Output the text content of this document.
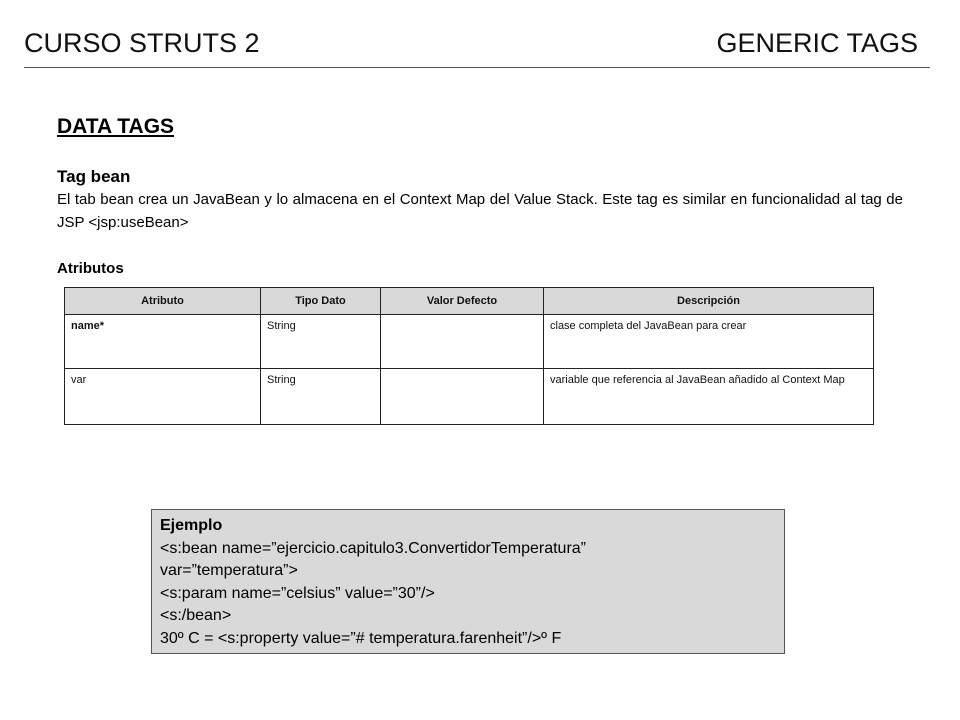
CURSO STRUTS 2	GENERIC TAGS
DATA TAGS
Tag bean
El tab bean crea un JavaBean y lo almacena en el Context Map del Value Stack. Este tag es similar en funcionalidad al tag de JSP <jsp:useBean>
Atributos
Atributo	Tipo Dato	Valor Defecto	Descripción
name*	String		clase completa del JavaBean para crear
var	String		variable que referencia al JavaBean añadido al Context Map
Ejemplo
<s:bean name=”ejercicio.capitulo3.ConvertidorTemperatura”
var=”temperatura”>
<s:param name=”celsius” value=”30”/>
<s:/bean>
30º C = <s:property value=”# temperatura.farenheit”/>º F
